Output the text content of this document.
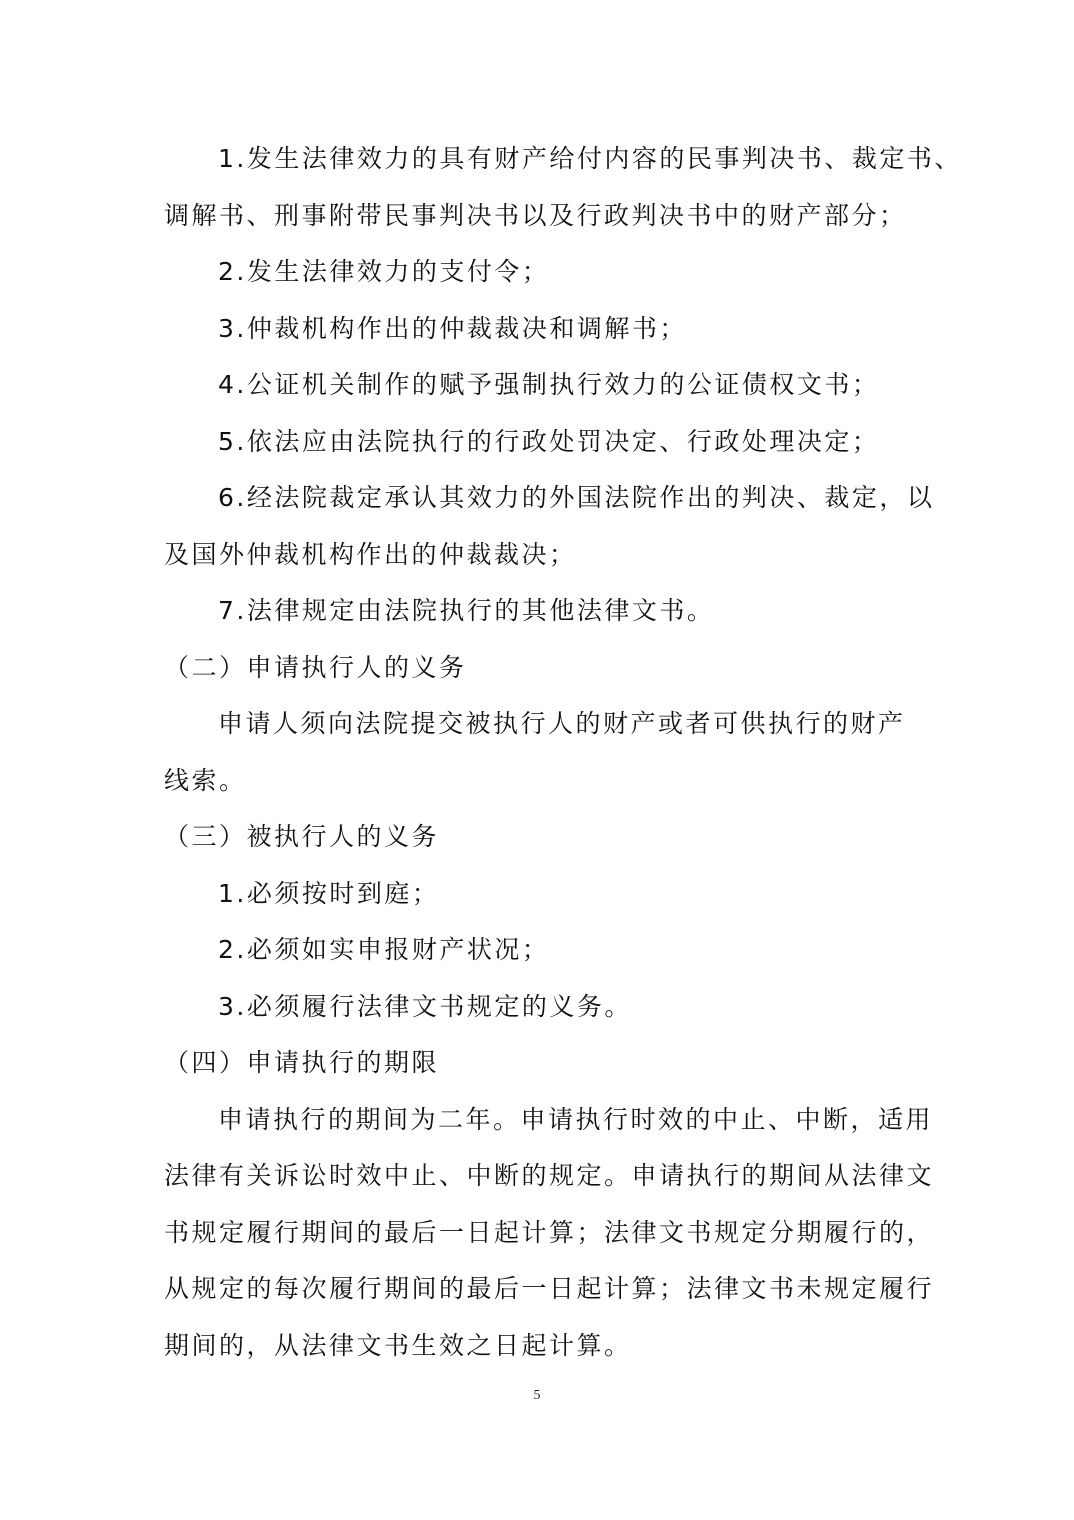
1.发生法律效力的具有财产给付内容的民事判决书、裁定书、
调解书、刑事附带民事判决书以及行政判决书中的财产部分；
2.发生法律效力的支付令；
3.仲裁机构作出的仲裁裁决和调解书；
4.公证机关制作的赋予强制执行效力的公证债权文书；
5.依法应由法院执行的行政处罚决定、行政处理决定；
6.经法院裁定承认其效力的外国法院作出的判决、裁定，以
及国外仲裁机构作出的仲裁裁决；
7.法律规定由法院执行的其他法律文书。
（二）申请执行人的义务
申请人须向法院提交被执行人的财产或者可供执行的财产
线索。
（三）被执行人的义务
1.必须按时到庭；
2.必须如实申报财产状况；
3.必须履行法律文书规定的义务。
（四）申请执行的期限
申请执行的期间为二年。申请执行时效的中止、中断，适用
法律有关诉讼时效中止、中断的规定。申请执行的期间从法律文
书规定履行期间的最后一日起计算；法律文书规定分期履行的，
从规定的每次履行期间的最后一日起计算；法律文书未规定履行
期间的，从法律文书生效之日起计算。
5
